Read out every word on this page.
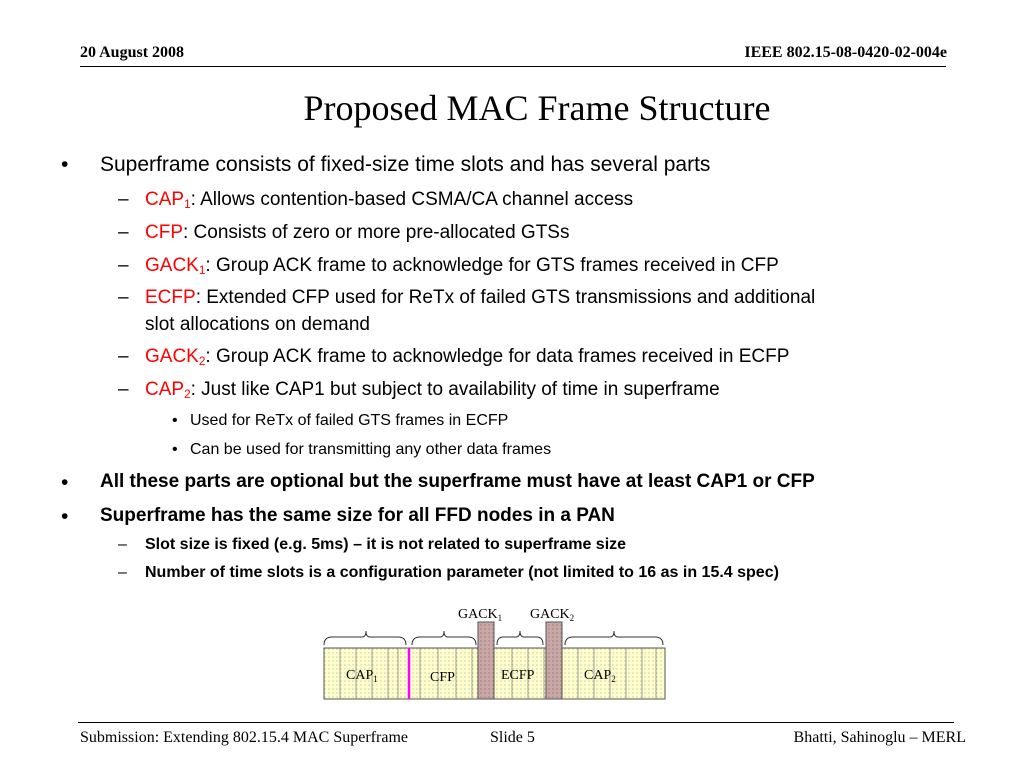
20 August 2008	IEEE 802.15-08-0420-02-004e
Proposed MAC Frame Structure
• Superframe consists of fixed-size time slots and has several parts
– $CAP_1$: Allows contention-based CSMA/CA channel access
– CFP: Consists of zero or more pre-allocated GTSs
– $GACK_1$: Group ACK frame to acknowledge for GTS frames received in CFP
– ECFP: Extended CFP used for ReTx of failed GTS transmissions and additional
slot allocations on demand
– $GACK_2$: Group ACK frame to acknowledge for data frames received in ECFP
– $CAP_2$: Just like CAP1 but subject to availability of time in superframe
• Used for ReTx of failed GTS frames in ECFP
• Can be used for transmitting any other data frames
• All these parts are optional but the superframe must have at least CAP1 or CFP
• Superframe has the same size for all FFD nodes in a PAN
– Slot size is fixed (e.g. 5ms) – it is not related to superframe size
– Number of time slots is a configuration parameter (not limited to 16 as in 15.4 spec)
$GACK_1$ $GACK_2$
$CAP_1$	CFP	ECFP	$CAP_2$
Submission: Extending 802.15.4 MAC Superframe	Slide 5	Bhatti, Sahinoglu – MERL
